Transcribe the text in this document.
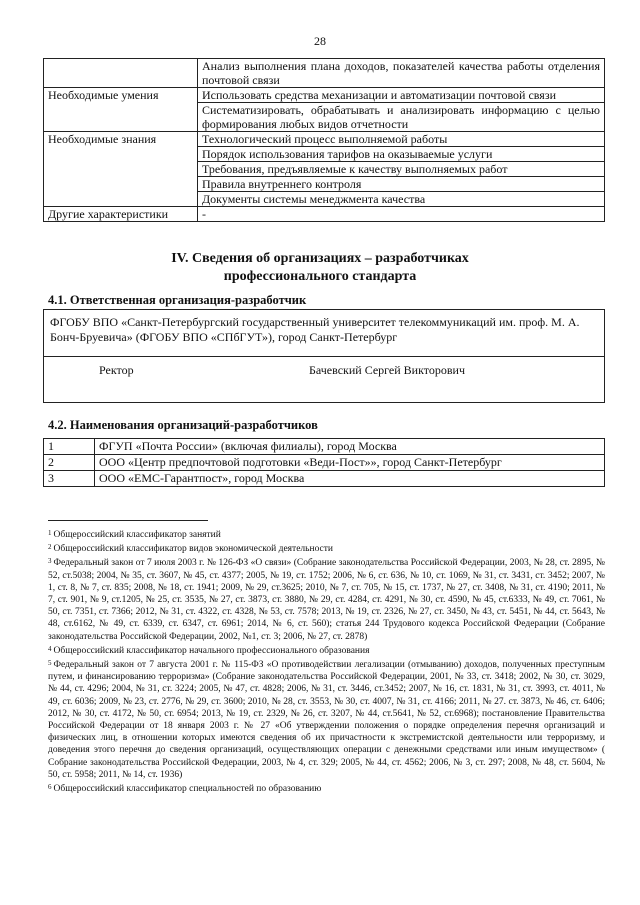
28
	Анализ выполнения плана доходов, показателей качества работы отделения почтовой связи
Необходимые умения	Использовать средства механизации и автоматизации почтовой связи
	Систематизировать, обрабатывать и анализировать информацию с целью формирования любых видов отчетности
Необходимые знания	Технологический процесс выполняемой работы
	Порядок использования тарифов на оказываемые услуги
	Требования, предъявляемые к качеству выполняемых работ
	Правила внутреннего контроля
	Документы системы менеджмента качества
Другие характеристики	-
IV. Сведения об организациях – разработчиках
профессионального стандарта
4.1. Ответственная организация-разработчик
ФГОБУ ВПО «Санкт-Петербургский государственный университет телекоммуникаций им. проф. М. А. Бонч-Бруевича» (ФГОБУ ВПО «СПбГУТ»), город Санкт-Петербург
Ректор	Бачевский Сергей Викторович
4.2. Наименования организаций-разработчиков
1	ФГУП «Почта России» (включая филиалы), город Москва
2	ООО «Центр предпочтовой подготовки «Веди-Пост»», город Санкт-Петербург
3	ООО «ЕМС-Гарантпост», город Москва

$^1$ Общероссийский классификатор занятий

$^2$ Общероссийский классификатор видов экономической деятельности

$^3$ Федеральный закон от 7 июля 2003 г. № 126-ФЗ «О связи» (Собрание законодательства Российской Федерации, 2003, № 28, ст. 2895, № 52, ст.5038; 2004, № 35, ст. 3607, № 45, ст. 4377; 2005, № 19, ст. 1752; 2006, № 6, ст. 636, № 10, ст. 1069, № 31, ст. 3431, ст. 3452; 2007, № 1, ст. 8, № 7, ст. 835; 2008, № 18, ст. 1941; 2009, № 29, ст.3625; 2010, № 7, ст. 705, № 15, ст. 1737, № 27, ст. 3408, № 31, ст. 4190; 2011, № 7, ст. 901, № 9, ст.1205, № 25, ст. 3535, № 27, ст. 3873, ст. 3880, № 29, ст. 4284, ст. 4291, № 30, ст. 4590, № 45, ст.6333, № 49, ст. 7061, № 50, ст. 7351, ст. 7366; 2012, № 31, ст. 4322, ст. 4328, № 53, ст. 7578; 2013, № 19, ст. 2326, № 27, ст. 3450, № 43, ст. 5451, № 44, ст. 5643, № 48, ст.6162, № 49, ст. 6339, ст. 6347, ст. 6961; 2014, № 6, ст. 560); статья 244 Трудового кодекса Российской Федерации (Собрание законодательства Российской Федерации, 2002, №1, ст. 3; 2006, № 27, ст. 2878)

$^4$ Общероссийский классификатор начального профессионального образования

$^5$ Федеральный закон от 7 августа 2001 г. № 115-ФЗ «О противодействии легализации (отмыванию) доходов, полученных преступным путем, и финансированию терроризма» (Собрание законодательства Российской Федерации, 2001, № 33, ст. 3418; 2002, № 30, ст. 3029, № 44, ст. 4296; 2004, № 31, ст. 3224; 2005, № 47, ст. 4828; 2006, № 31, ст. 3446, ст.3452; 2007, № 16, ст. 1831, № 31, ст. 3993, ст. 4011, № 49, ст. 6036; 2009, № 23, ст. 2776, № 29, ст. 3600; 2010, № 28, ст. 3553, № 30, ст. 4007, № 31, ст. 4166; 2011, № 27. ст. 3873, № 46, ст. 6406; 2012, № 30, ст. 4172, № 50, ст. 6954; 2013, № 19, ст. 2329, № 26, ст. 3207, № 44, ст.5641, № 52, ст.6968); постановление Правительства Российской Федерации от 18 января 2003 г. № 27 «Об утверждении положения о порядке определения перечня организаций и физических лиц, в отношении которых имеются сведения об их причастности к экстремистской деятельности или терроризму, и доведения этого перечня до сведения организаций, осуществляющих операции с денежными средствами или иным имуществом» ( Собрание законодательства Российской Федерации, 2003, № 4, ст. 329; 2005, № 44, ст. 4562; 2006, № 3, ст. 297; 2008, № 48, ст. 5604, № 50, ст. 5958; 2011, № 14, ст. 1936)

$^6$ Общероссийский классификатор специальностей по образованию
